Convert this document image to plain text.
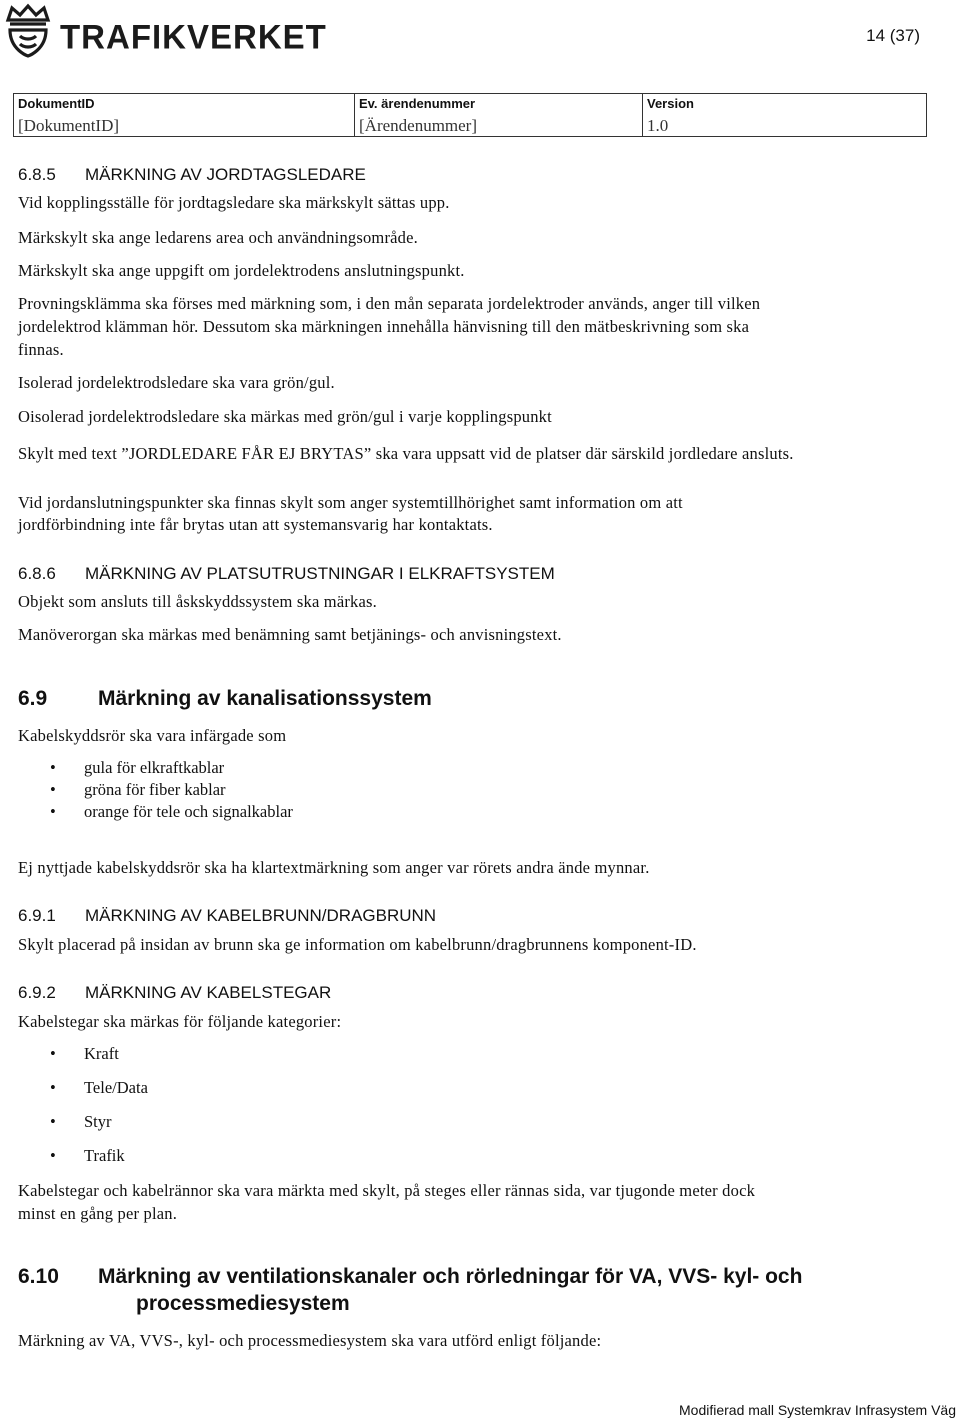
TRAFIKVERKET	14 (37)
DokumentID
[DokumentID]
Ev. ärendenummer
[Ärendenummer]
Version
1.0
6.8.5 MÄRKNING AV JORDTAGSLEDARE
Vid kopplingsställe för jordtagsledare ska märkskylt sättas upp.
Märkskylt ska ange ledarens area och användningsområde.
Märkskylt ska ange uppgift om jordelektrodens anslutningspunkt.
Provningsklämma ska förses med märkning som, i den mån separata jordelektroder används, anger till vilken
jordelektrod klämman hör. Dessutom ska märkningen innehålla hänvisning till den mätbeskrivning som ska
finnas.
Isolerad jordelektrodsledare ska vara grön/gul.
Oisolerad jordelektrodsledare ska märkas med grön/gul i varje kopplingspunkt
Skylt med text ”JORDLEDARE FÅR EJ BRYTAS” ska vara uppsatt vid de platser där särskild jordledare ansluts.
Vid jordanslutningspunkter ska finnas skylt som anger systemtillhörighet samt information om att
jordförbindning inte får brytas utan att systemansvarig har kontaktats.
6.8.6 MÄRKNING AV PLATSUTRUSTNINGAR I ELKRAFTSYSTEM
Objekt som ansluts till åskskyddssystem ska märkas.
Manöverorgan ska märkas med benämning samt betjänings- och anvisningstext.
6.9 Märkning av kanalisationssystem
Kabelskyddsrör ska vara infärgade som
• gula för elkraftkablar
• gröna för fiber kablar
• orange för tele och signalkablar
Ej nyttjade kabelskyddsrör ska ha klartextmärkning som anger var rörets andra ände mynnar.
6.9.1 MÄRKNING AV KABELBRUNN/DRAGBRUNN
Skylt placerad på insidan av brunn ska ge information om kabelbrunn/dragbrunnens komponent-ID.
6.9.2 MÄRKNING AV KABELSTEGAR
Kabelstegar ska märkas för följande kategorier:
• Kraft
• Tele/Data
• Styr
• Trafik
Kabelstegar och kabelrännor ska vara märkta med skylt, på steges eller rännas sida, var tjugonde meter dock
minst en gång per plan.
6.10 Märkning av ventilationskanaler och rörledningar för VA, VVS- kyl- och
processmediesystem
Märkning av VA, VVS-, kyl- och processmediesystem ska vara utförd enligt följande:
Modifierad mall Systemkrav Infrasystem Väg
